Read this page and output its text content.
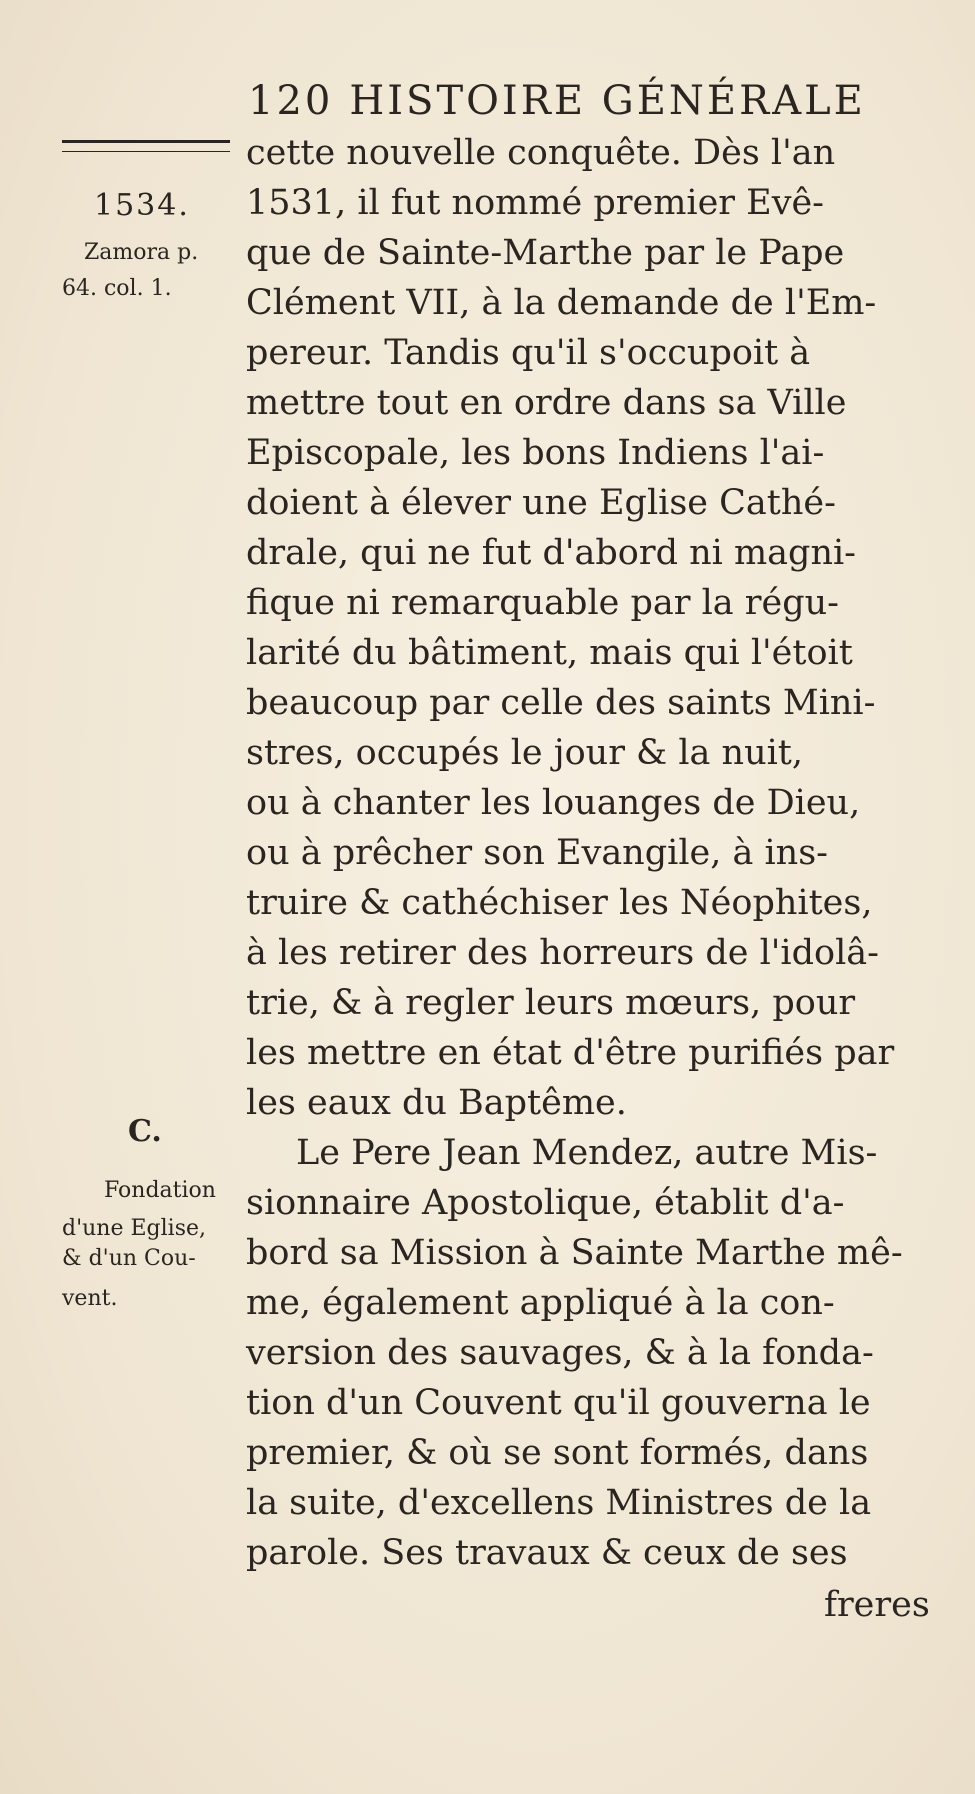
120 HISTOIRE GÉNÉRALE
1534.
Zamora p.
64. col. 1.
C.
Fondation
d'une Eglise,
& d'un Cou-
vent.
cette nouvelle conquête. Dès l'an
1531, il fut nommé premier Evê-
que de Sainte-Marthe par le Pape
Clément VII, à la demande de l'Em-
pereur. Tandis qu'il s'occupoit à
mettre tout en ordre dans sa Ville
Episcopale, les bons Indiens l'ai-
doient à élever une Eglise Cathé-
drale, qui ne fut d'abord ni magni-
fique ni remarquable par la régu-
larité du bâtiment, mais qui l'étoit
beaucoup par celle des saints Mini-
stres, occupés le jour & la nuit,
ou à chanter les louanges de Dieu,
ou à prêcher son Evangile, à ins-
truire & cathéchiser les Néophites,
à les retirer des horreurs de l'idolâ-
trie, & à regler leurs mœurs, pour
les mettre en état d'être purifiés par
les eaux du Baptême.
Le Pere Jean Mendez, autre Mis-
sionnaire Apostolique, établit d'a-
bord sa Mission à Sainte Marthe mê-
me, également appliqué à la con-
version des sauvages, & à la fonda-
tion d'un Couvent qu'il gouverna le
premier, & où se sont formés, dans
la suite, d'excellens Ministres de la
parole. Ses travaux & ceux de ses
freres
